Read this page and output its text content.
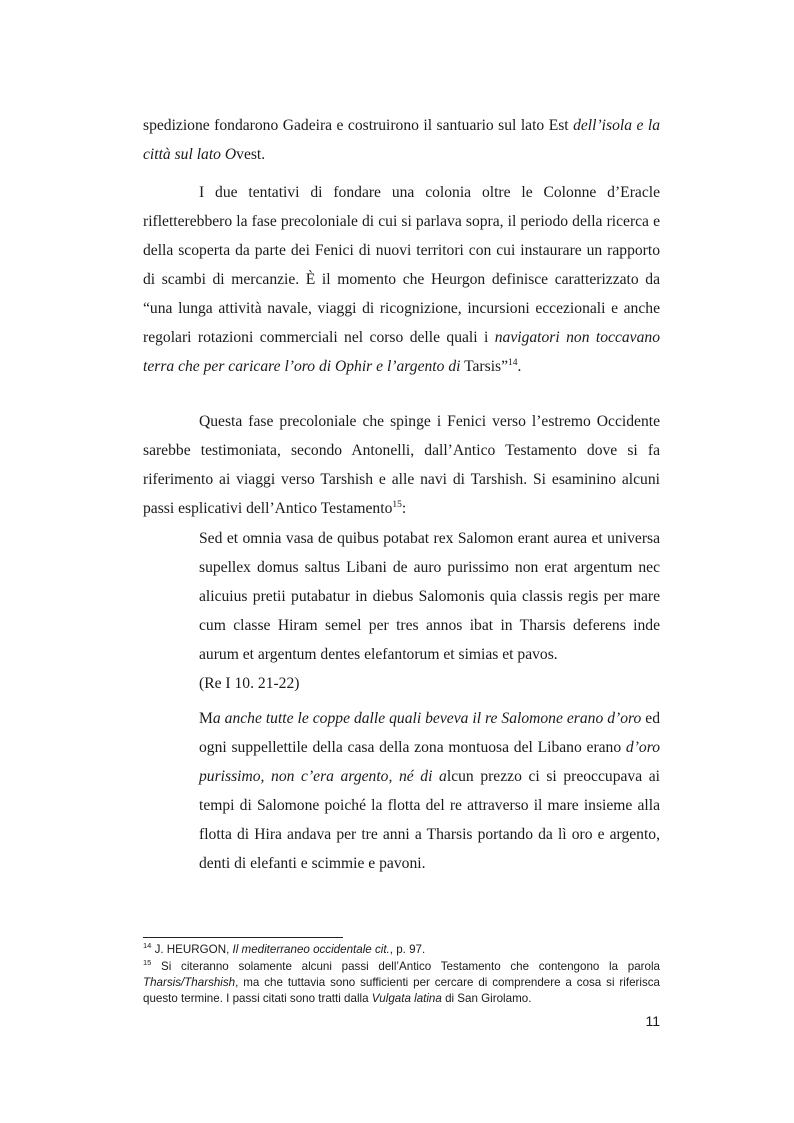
spedizione fondarono Gadeira e costruirono il santuario sul lato Est dell’isola e la città sul lato Ovest.

I due tentativi di fondare una colonia oltre le Colonne d’Eracle rifletterebbero la fase precoloniale di cui si parlava sopra, il periodo della ricerca e della scoperta da parte dei Fenici di nuovi territori con cui instaurare un rapporto di scambi di mercanzie. È il momento che Heurgon definisce caratterizzato da “una lunga attività navale, viaggi di ricognizione, incursioni eccezionali e anche regolari rotazioni commerciali nel corso delle quali i navigatori non toccavano terra che per caricare l’oro di Ophir e l’argento di Tarsis”$^{14}$.

Questa fase precoloniale che spinge i Fenici verso l’estremo Occidente sarebbe testimoniata, secondo Antonelli, dall’Antico Testamento dove si fa riferimento ai viaggi verso Tarshish e alle navi di Tarshish. Si esaminino alcuni passi esplicativi dell’Antico Testamento$^{15}$:

Sed et omnia vasa de quibus potabat rex Salomon erant aurea et universa supellex domus saltus Libani de auro purissimo non erat argentum nec alicuius pretii putabatur in diebus Salomonis quia classis regis per mare cum classe Hiram semel per tres annos ibat in Tharsis deferens inde aurum et argentum dentes elefantorum et simias et pavos.
(Re I 10. 21-22)

Ma anche tutte le coppe dalle quali beveva il re Salomone erano d’oro ed ogni suppellettile della casa della zona montuosa del Libano erano d’oro purissimo, non c’era argento, né di alcun prezzo ci si preoccupava ai tempi di Salomone poiché la flotta del re attraverso il mare insieme alla flotta di Hira andava per tre anni a Tharsis portando da lì oro e argento, denti di elefanti e scimmie e pavoni.

$^{14}$ J. HEURGON, Il mediterraneo occidentale cit., p. 97.

$^{15}$ Si citeranno solamente alcuni passi dell’Antico Testamento che contengono la parola Tharsis/Tharshish, ma che tuttavia sono sufficienti per cercare di comprendere a cosa si riferisca questo termine. I passi citati sono tratti dalla Vulgata latina di San Girolamo.

11
